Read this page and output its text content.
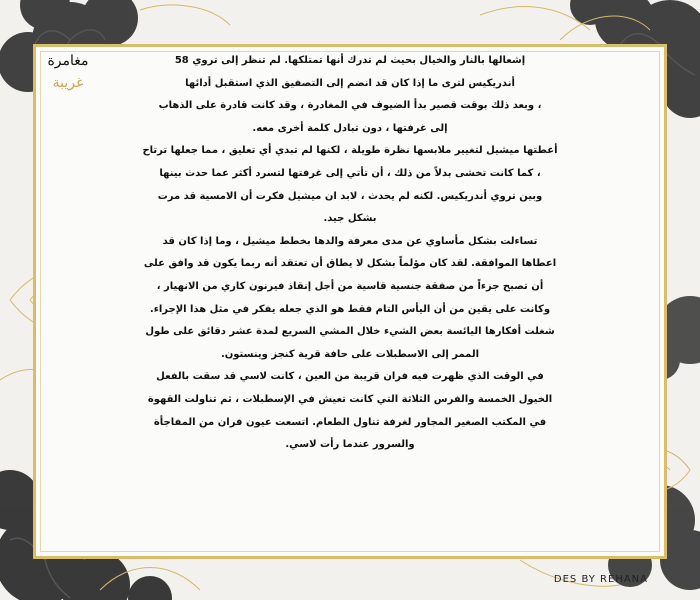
مغامرة
غريبة

إشعالها بالنار والخيال بحيث لم تدرك أنها تمتلكها. لم تنظر إلى تروي 58
أندريكيس لترى ما إذا كان قد انضم إلى التصفيق الذي استقبل أدائها
، وبعد ذلك بوقت قصير بدأ الضيوف في المغادرة ، وقد كانت قادرة على الذهاب
إلى غرفتها ، دون تبادل كلمة أخرى معه.

أعطتها ميشيل لتغيير ملابسها نظرة طويلة ، لكنها لم تبدي أي تعليق ، مما جعلها ترتاح
، كما كانت تخشى بدلاً من ذلك ، أن تأتي إلى غرفتها لتسرد أكثر عما حدث بينها
وبين تروي أندريكيس. لكنه لم يحدث ، لابد ان ميشيل فكرت أن الامسية قد مرت
بشكل جيد.

تساءلت بشكل مأساوي عن مدى معرفة والدها بخطط ميشيل ، وما إذا كان قد
اعطاها الموافقة. لقد كان مؤلماً بشكل لا يطاق أن تعتقد أنه ربما يكون قد وافق على
أن تصبح جزءاً من صفقة جنسية قاسية من أجل إنقاذ فيرنون كاري من الانهيار ،
وكانت على يقين من أن اليأس التام فقط هو الذي جعله يفكر في مثل هذا الإجراء.

شغلت أفكارها اليائسة بعض الشيء خلال المشي السريع لمدة عشر دقائق على طول
الممر إلى الاسطبلات على حافة قرية كنجز وينستون.

في الوقت الذي ظهرت فيه فران قريبة من العين ، كانت لاسي قد سقت بالفعل
الخيول الخمسة والفرس الثلاثة التي كانت تعيش في الإسطبلات ، ثم تناولت القهوة
في المكتب الصغير المجاور لغرفة تناول الطعام. اتسعت عيون فران من المفاجأة
والسرور عندما رأت لاسي.

DES BY REHANA
